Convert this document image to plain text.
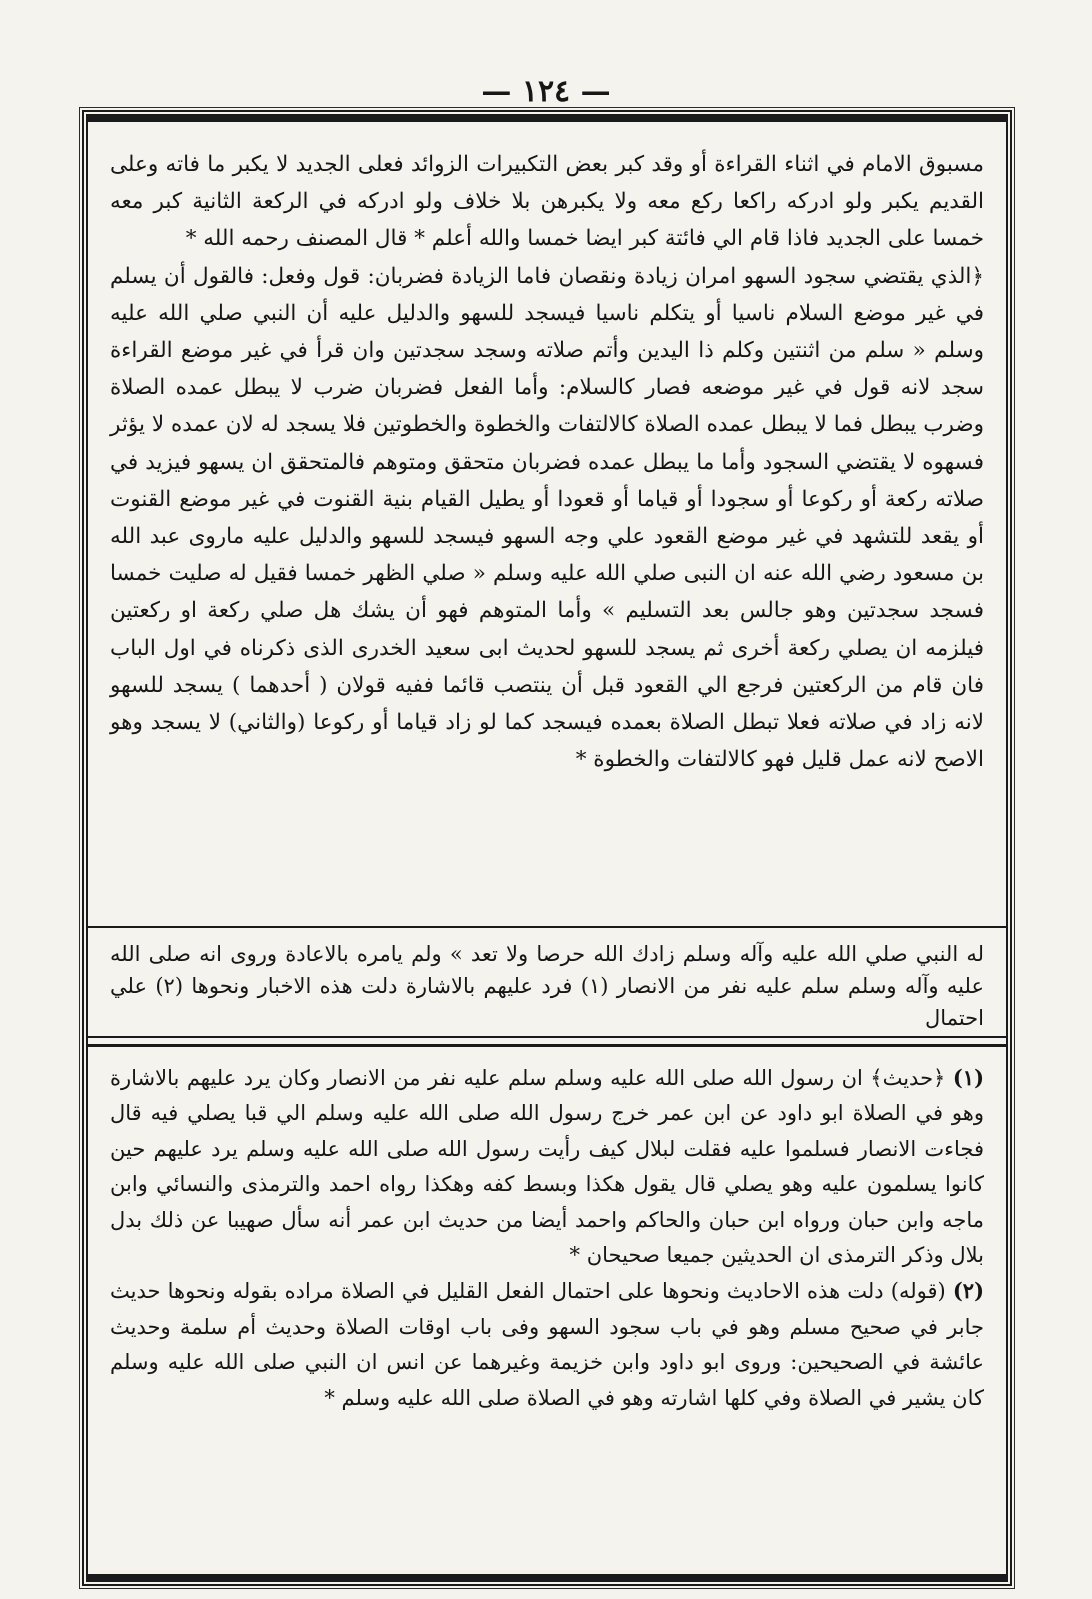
— ١٢٤ —

مسبوق الامام في اثناء القراءة أو وقد كبر بعض التكبيرات الزوائد فعلى الجديد لا يكبر ما فاته وعلى القديم يكبر ولو ادركه راكعا ركع معه ولا يكبرهن بلا خلاف ولو ادركه في الركعة الثانية كبر معه خمسا على الجديد فاذا قام الي فائتة كبر ايضا خمسا والله أعلم * قال المصنف رحمه الله *

﴿الذي يقتضي سجود السهو امران زيادة ونقصان فاما الزيادة فضربان: قول وفعل: فالقول أن يسلم في غير موضع السلام ناسيا أو يتكلم ناسيا فيسجد للسهو والدليل عليه أن النبي صلي الله عليه وسلم « سلم من اثنتين وكلم ذا اليدين وأتم صلاته وسجد سجدتين وان قرأ في غير موضع القراءة سجد لانه قول في غير موضعه فصار كالسلام: وأما الفعل فضربان ضرب لا يبطل عمده الصلاة وضرب يبطل فما لا يبطل عمده الصلاة كالالتفات والخطوة والخطوتين فلا يسجد له لان عمده لا يؤثر فسهوه لا يقتضي السجود وأما ما يبطل عمده فضربان متحقق ومتوهم فالمتحقق ان يسهو فيزيد في صلاته ركعة أو ركوعا أو سجودا أو قياما أو قعودا أو يطيل القيام بنية القنوت في غير موضع القنوت أو يقعد للتشهد في غير موضع القعود علي وجه السهو فيسجد للسهو والدليل عليه ماروى عبد الله بن مسعود رضي الله عنه ان النبى صلي الله عليه وسلم « صلي الظهر خمسا فقيل له صليت خمسا فسجد سجدتين وهو جالس بعد التسليم » وأما المتوهم فهو أن يشك هل صلي ركعة او ركعتين فيلزمه ان يصلي ركعة أخرى ثم يسجد للسهو لحديث ابى سعيد الخدرى الذى ذكرناه في اول الباب فان قام من الركعتين فرجع الي القعود قبل أن ينتصب قائما ففيه قولان ( أحدهما ) يسجد للسهو لانه زاد في صلاته فعلا تبطل الصلاة بعمده فيسجد كما لو زاد قياما أو ركوعا (والثاني) لا يسجد وهو الاصح لانه عمل قليل فهو كالالتفات والخطوة *

له النبي صلي الله عليه وآله وسلم زادك الله حرصا ولا تعد » ولم يامره بالاعادة وروى انه صلى الله عليه وآله وسلم سلم عليه نفر من الانصار (١) فرد عليهم بالاشارة دلت هذه الاخبار ونحوها (٢) علي احتمال

(١) ﴿حديث﴾ ان رسول الله صلى الله عليه وسلم سلم عليه نفر من الانصار وكان يرد عليهم بالاشارة وهو في الصلاة ابو داود عن ابن عمر خرج رسول الله صلى الله عليه وسلم الي قبا يصلي فيه قال فجاءت الانصار فسلموا عليه فقلت لبلال كيف رأيت رسول الله صلى الله عليه وسلم يرد عليهم حين كانوا يسلمون عليه وهو يصلي قال يقول هكذا وبسط كفه وهكذا رواه احمد والترمذى والنسائي وابن ماجه وابن حبان ورواه ابن حبان والحاكم واحمد أيضا من حديث ابن عمر أنه سأل صهيبا عن ذلك بدل بلال وذكر الترمذى ان الحديثين جميعا صحيحان *

(٢) (قوله) دلت هذه الاحاديث ونحوها على احتمال الفعل القليل في الصلاة مراده بقوله ونحوها حديث جابر في صحيح مسلم وهو في باب سجود السهو وفى باب اوقات الصلاة وحديث أم سلمة وحديث عائشة في الصحيحين: وروى ابو داود وابن خزيمة وغيرهما عن انس ان النبي صلى الله عليه وسلم كان يشير في الصلاة وفي كلها اشارته وهو في الصلاة صلى الله عليه وسلم *
